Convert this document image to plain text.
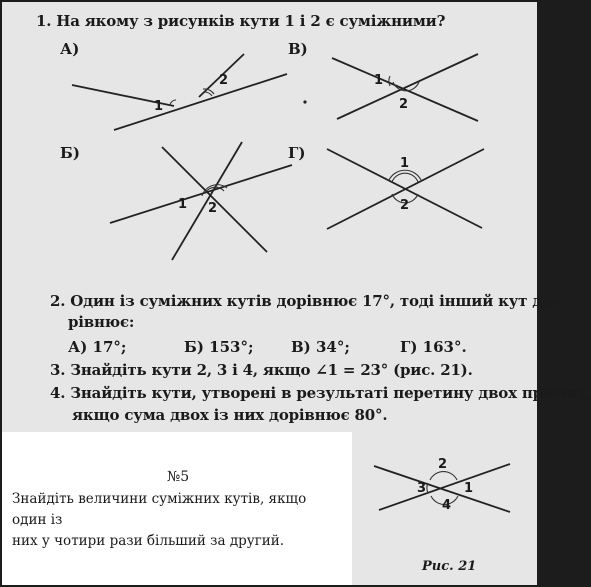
1. На якому з рисунків кути 1 і 2 є суміжними?
А)	В)
Б)	Г)
1
2	1
2
1 2
1
2
2. Один із суміжних кутів дорівнює 17°, тоді інший кут до-
рівнює:
А) 17°;	Б) 153°;	В) 34°;	Г) 163°.
3. Знайдіть кути 2, 3 і 4, якщо ∠1 = 23° (рис. 21).
4. Знайдіть кути, утворені в результаті перетину двох прямих,
якщо сума двох із них дорівнює 80°.
№5
Знайдіть величини суміжних кутів, якщо один із
них у чотири рази більший за другий.
2
3	1
4
Рис. 21
